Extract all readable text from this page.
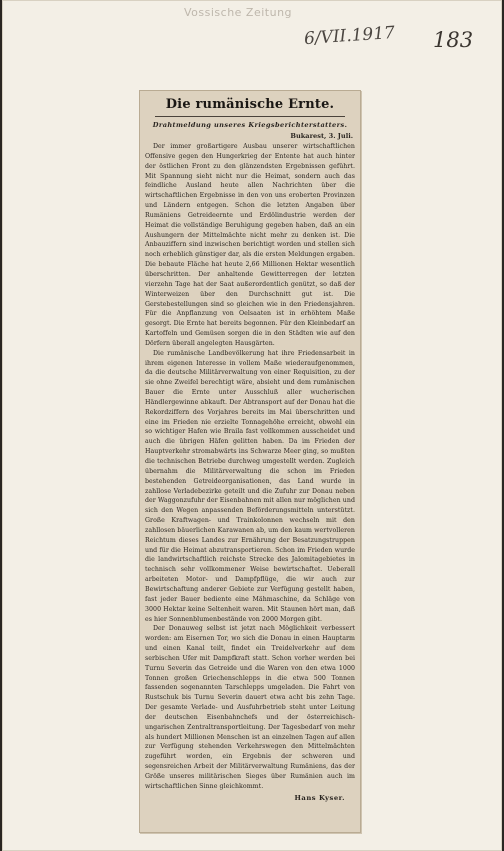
Vossische Zeitung
6/VII.1917 183
Die rumänische Ernte.
Drahtmeldung unseres Kriegsberichterstatters.
Bukarest, 3. Juli.

Der immer großartigere Ausbau unserer wirtschaftlichen Offensive gegen den Hungerkrieg der Entente hat auch hinter der östlichen Front zu den glänzendsten Ergebnissen geführt. Mit Spannung sieht nicht nur die Heimat, sondern auch das feindliche Ausland heute allen Nachrichten über die wirtschaftlichen Ergebnisse in den von uns eroberten Provinzen und Ländern entgegen. Schon die letzten Angaben über Rumäniens Getreideernte und Erdölindustrie werden der Heimat die vollständige Beruhigung gegeben haben, daß an ein Aushungern der Mittelmächte nicht mehr zu denken ist. Die Anbauziffern sind inzwischen berichtigt worden und stellen sich noch erheblich günstiger dar, als die ersten Meldungen ergaben. Die bebaute Fläche hat heute 2,66 Millionen Hektar wesentlich überschritten. Der anhaltende Gewitterregen der letzten vierzehn Tage hat der Saat außerordentlich genützt, so daß der Winterweizen über den Durchschnitt gut ist. Die Gerstebestellungen sind so gleichen wie in den Friedensjahren. Für die Anpflanzung von Oelsaaten ist in erhöhtem Maße gesorgt. Die Ernte hat bereits begonnen. Für den Kleinbedarf an Kartoffeln und Gemüsen sorgen die in den Städten wie auf den Dörfern überall angelegten Hausgärten.

Die rumänische Landbevölkerung hat ihre Friedensarbeit in ihrem eigenen Interesse in vollem Maße wiederaufgenommen, da die deutsche Militärverwaltung von einer Requisition, zu der sie ohne Zweifel berechtigt wäre, absieht und dem rumänischen Bauer die Ernte unter Ausschluß aller wucherischen Händlergewinne abkauft. Der Abtransport auf der Donau hat die Rekordziffern des Vorjahres bereits im Mai überschritten und eine im Frieden nie erzielte Tonnagehöhe erreicht, obwohl ein so wichtiger Hafen wie Braila fast vollkommen ausscheidet und auch die übrigen Häfen gelitten haben. Da im Frieden der Hauptverkehr stromabwärts ins Schwarze Meer ging, so mußten die technischen Betriebe durchweg umgestellt werden. Zugleich übernahm die Militärverwaltung die schon im Frieden bestehenden Getreideorganisationen, das Land wurde in zahllose Verladebezirke geteilt und die Zufuhr zur Donau neben der Waggonzufuhr der Eisenbahnen mit allen nur möglichen und sich den Wegen anpassenden Beförderungsmitteln unterstützt. Große Kraftwagen- und Trainkolonnen wechseln mit den zahllosen bäuerlichen Karawanen ab, um den kaum wertvolleren Reichtum dieses Landes zur Ernährung der Besatzungstruppen und für die Heimat abzutransportieren. Schon im Frieden wurde die landwirtschaftlich reichste Strecke des Jalomitagebietes in technisch sehr vollkommener Weise bewirtschaftet. Ueberall arbeiteten Motor- und Dampfpflüge, die wir auch zur Bewirtschaftung anderer Gebiete zur Verfügung gestellt haben, fast jeder Bauer bediente eine Mähmaschine, da Schläge von 3000 Hektar keine Seltenheit waren. Mit Staunen hört man, daß es hier Sonnenblumenbestände von 2000 Morgen gibt.

Der Donauweg selbst ist jetzt nach Möglichkeit verbessert worden: am Eisernen Tor, wo sich die Donau in einen Hauptarm und einen Kanal teilt, findet ein Treidelverkehr auf dem serbischen Ufer mit Dampfkraft statt. Schon vorher werden bei Turnu Severin das Getreide und die Waren von den etwa 1000 Tonnen großen Griechenschlepps in die etwa 500 Tonnen fassenden sogenannten Tarschlepps umgeladen. Die Fahrt von Rustschuk bis Turnu Severin dauert etwa acht bis zehn Tage. Der gesamte Verlade- und Ausfuhrbetrieb steht unter Leitung der deutschen Eisenbahnchefs und der österreichisch-ungarischen Zentraltransportleitung. Der Tagesbedarf von mehr als hundert Millionen Menschen ist an einzelnen Tagen auf allen zur Verfügung stehenden Verkehrswegen den Mittelmächten zugeführt worden, ein Ergebnis der schweren und segensreichen Arbeit der Militärverwaltung Rumäniens, das der Größe unseres militärischen Sieges über Rumänien auch im wirtschaftlichen Sinne gleichkommt.

Hans Kyser.
